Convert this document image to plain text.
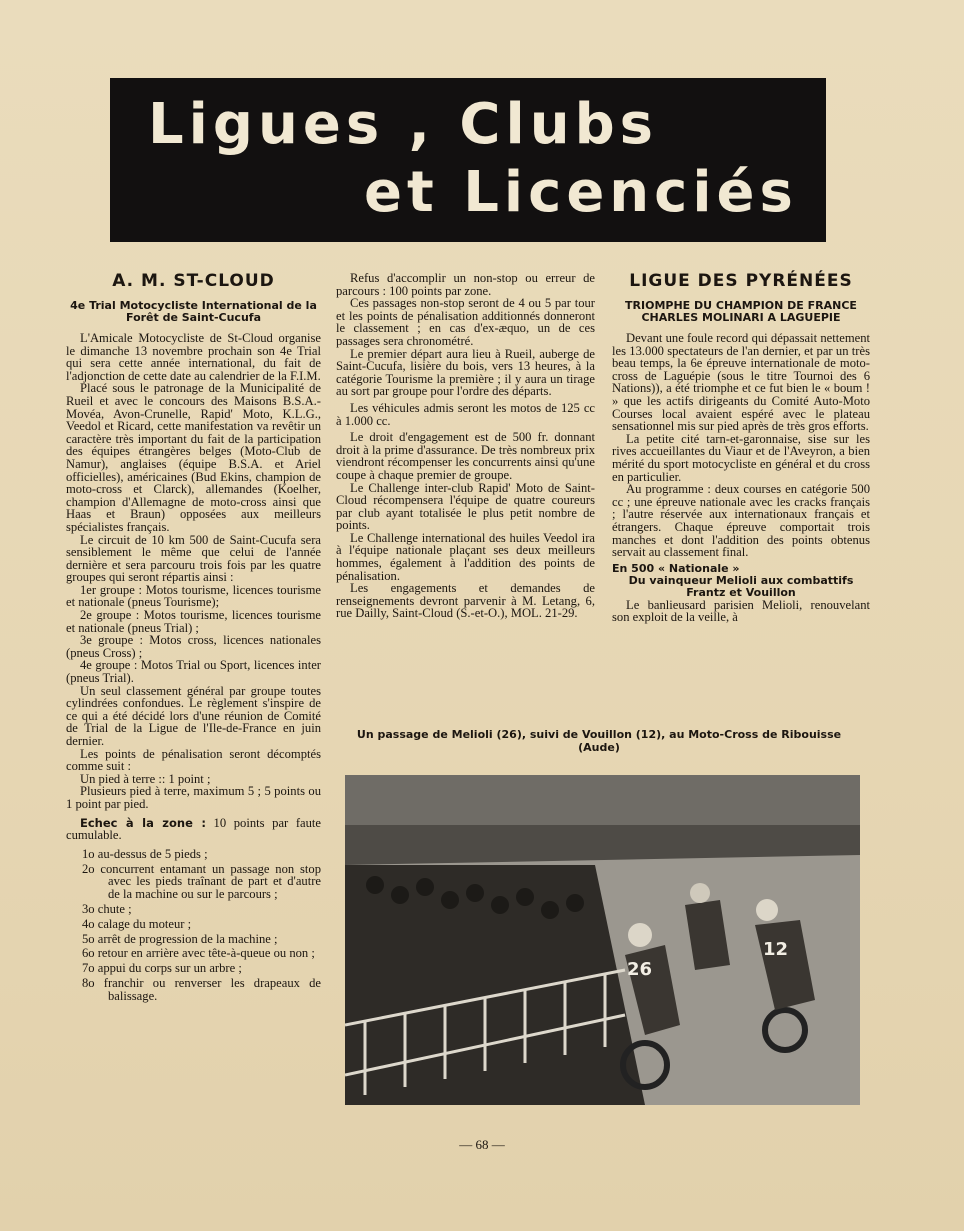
Ligues , Clubs
et Licenciés
A. M. ST-CLOUD
4e Trial Motocycliste International de la Forêt de Saint-Cucufa

L'Amicale Motocycliste de St-Cloud organise le dimanche 13 novembre prochain son 4e Trial qui sera cette année international, du fait de l'adjonction de cette date au calendrier de la F.I.M.

Placé sous le patronage de la Municipalité de Rueil et avec le concours des Maisons B.S.A.-Movéa, Avon-Crunelle, Rapid' Moto, K.L.G., Veedol et Ricard, cette manifestation va revêtir un caractère très important du fait de la participation des équipes étrangères belges (Moto-Club de Namur), anglaises (équipe B.S.A. et Ariel officielles), américaines (Bud Ekins, champion de moto-cross et Clarck), allemandes (Koelher, champion d'Allemagne de moto-cross ainsi que Haas et Braun) opposées aux meilleurs spécialistes français.

Le circuit de 10 km 500 de Saint-Cucufa sera sensiblement le même que celui de l'année dernière et sera parcouru trois fois par les quatre groupes qui seront répartis ainsi :

1er groupe : Motos tourisme, licences tourisme et nationale (pneus Tourisme);

2e groupe : Motos tourisme, licences tourisme et nationale (pneus Trial) ;

3e groupe : Motos cross, licences nationales (pneus Cross) ;

4e groupe : Motos Trial ou Sport, licences inter (pneus Trial).

Un seul classement général par groupe toutes cylindrées confondues. Le règlement s'inspire de ce qui a été décidé lors d'une réunion de Comité de Trial de la Ligue de l'Ile-de-France en juin dernier.

Les points de pénalisation seront décomptés comme suit :

Un pied à terre :: 1 point ;

Plusieurs pied à terre, maximum 5 ; 5 points ou 1 point par pied.

Echec à la zone : 10 points par faute cumulable.

1o au-dessus de 5 pieds ;
2o concurrent entamant un passage non stop avec les pieds traînant de part et d'autre de la machine ou sur le parcours ;
3o chute ;
4o calage du moteur ;
5o arrêt de progression de la machine ;
6o retour en arrière avec tête-à-queue ou non ;
7o appui du corps sur un arbre ;
8o franchir ou renverser les drapeaux de balissage.

Refus d'accomplir un non-stop ou erreur de parcours : 100 points par zone.

Ces passages non-stop seront de 4 ou 5 par tour et les points de pénalisation additionnés donneront le classement ; en cas d'ex-æquo, un de ces passages sera chronométré.

Le premier départ aura lieu à Rueil, auberge de Saint-Cucufa, lisière du bois, vers 13 heures, à la catégorie Tourisme la première ; il y aura un tirage au sort par groupe pour l'ordre des départs.

Les véhicules admis seront les motos de 125 cc à 1.000 cc.

Le droit d'engagement est de 500 fr. donnant droit à la prime d'assurance. De très nombreux prix viendront récompenser les concurrents ainsi qu'une coupe à chaque premier de groupe.

Le Challenge inter-club Rapid' Moto de Saint-Cloud récompensera l'équipe de quatre coureurs par club ayant totalisée le plus petit nombre de points.

Le Challenge international des huiles Veedol ira à l'équipe nationale plaçant ses deux meilleurs hommes, également à l'addition des points de pénalisation.

Les engagements et demandes de renseignements devront parvenir à M. Letang, 6, rue Dailly, Saint-Cloud (S.-et-O.), MOL. 21-29.

LIGUE DES PYRÉNÉES
TRIOMPHE DU CHAMPION DE FRANCE CHARLES MOLINARI A LAGUEPIE

Devant une foule record qui dépassait nettement les 13.000 spectateurs de l'an dernier, et par un très beau temps, la 6e épreuve internationale de moto-cross de Laguépie (sous le titre Tournoi des 6 Nations)), a été triomphe et ce fut bien le « boum ! » que les actifs dirigeants du Comité Auto-Moto Courses local avaient espéré avec le plateau sensationnel mis sur pied après de très gros efforts.

La petite cité tarn-et-garonnaise, sise sur les rives accueillantes du Viaur et de l'Aveyron, a bien mérité du sport motocycliste en général et du cross en particulier.

Au programme : deux courses en catégorie 500 cc ; une épreuve nationale avec les cracks français ; l'autre réservée aux internationaux français et étrangers. Chaque épreuve comportait trois manches et dont l'addition des points obtenus servait au classement final.

En 500 « Nationale »
Du vainqueur Melioli aux combattifs Frantz et Vouillon

Le banlieusard parisien Melioli, renouvelant son exploit de la veille, à

Un passage de Melioli (26), suivi de Vouillon (12), au Moto-Cross de Ribouisse (Aude)
26
12
— 68 —
